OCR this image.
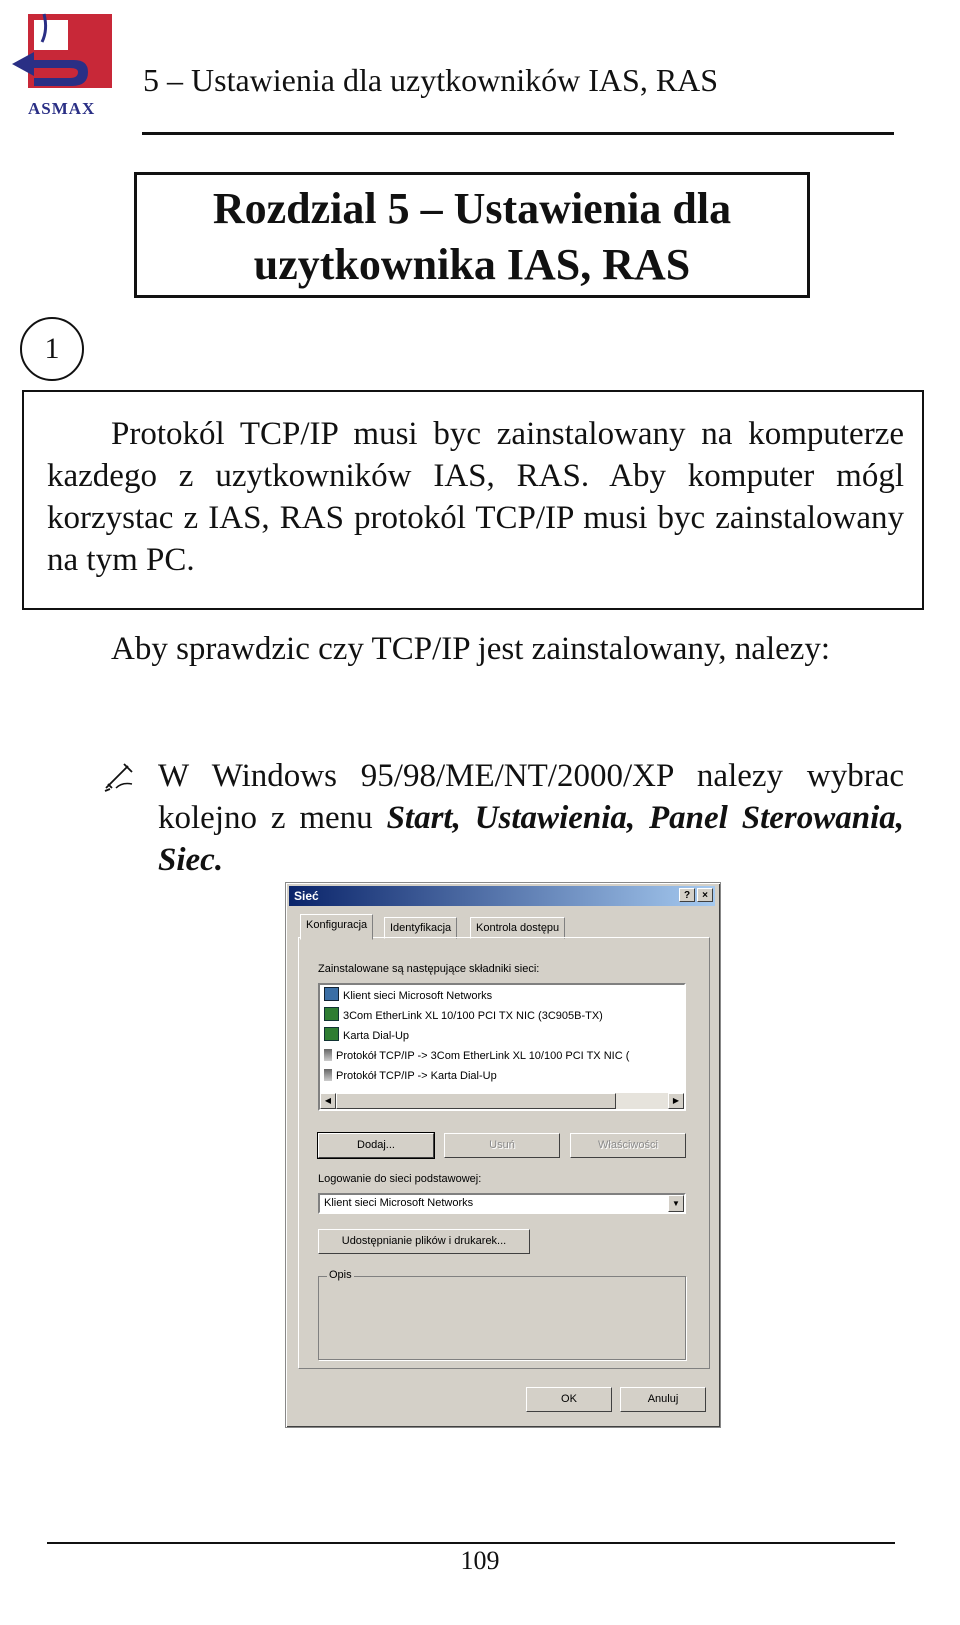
ASMAX
5 – Ustawienia dla uzytkowników IAS, RAS
Rozdzial 5 – Ustawienia dla
uzytkownika IAS, RAS
1
Protokól TCP/IP musi byc zainstalowany na komputerze kazdego z uzytkowników IAS, RAS. Aby komputer mógl korzystac z IAS, RAS protokól TCP/IP musi byc zainstalowany na tym PC.
Aby sprawdzic czy TCP/IP jest zainstalowany, nalezy:
W Windows 95/98/ME/NT/2000/XP nalezy wybrac kolejno z menu Start, Ustawienia, Panel Sterowania, Siec.
Sieć	?	×
Konfiguracja	Identyfikacja	Kontrola dostępu
Zainstalowane są następujące składniki sieci:
Klient sieci Microsoft Networks
3Com EtherLink XL 10/100 PCI TX NIC (3C905B-TX)
Karta Dial-Up
Protokół TCP/IP -> 3Com EtherLink XL 10/100 PCI TX NIC (
Protokół TCP/IP -> Karta Dial-Up
◀	▶
Dodaj...	Usuń	Właściwości
Logowanie do sieci podstawowej:
Klient sieci Microsoft Networks	▼
Udostępnianie plików i drukarek...
Opis
OK	Anuluj
109
